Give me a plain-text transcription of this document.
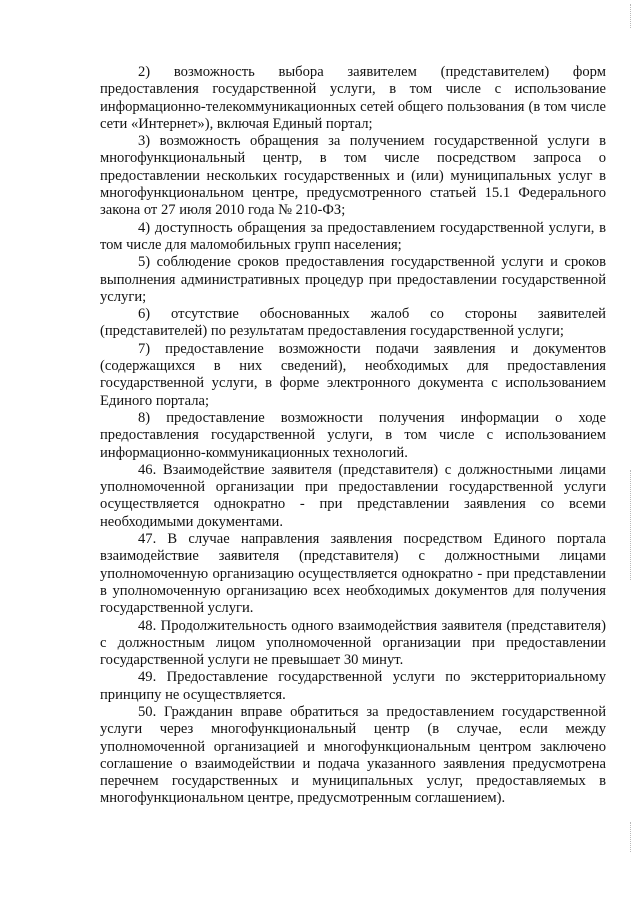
2) возможность выбора заявителем (представителем) форм предоставления государственной услуги, в том числе с использование информационно-телекоммуникационных сетей общего пользования (в том числе сети «Интернет»), включая Единый портал;

3) возможность обращения за получением государственной услуги в многофункциональный центр, в том числе посредством запроса о предоставлении нескольких государственных и (или) муниципальных услуг в многофункциональном центре, предусмотренного статьей 15.1 Федерального закона от 27 июля 2010 года № 210-ФЗ;

4) доступность обращения за предоставлением государственной услуги, в том числе для маломобильных групп населения;

5) соблюдение сроков предоставления государственной услуги и сроков выполнения административных процедур при предоставлении государственной услуги;

6) отсутствие обоснованных жалоб со стороны заявителей (представителей) по результатам предоставления государственной услуги;

7) предоставление возможности подачи заявления и документов (содержащихся в них сведений), необходимых для предоставления государственной услуги, в форме электронного документа с использованием Единого портала;

8) предоставление возможности получения информации о ходе предоставления государственной услуги, в том числе с использованием информационно-коммуникационных технологий.

46. Взаимодействие заявителя (представителя) с должностными лицами уполномоченной организации при предоставлении государственной услуги осуществляется однократно - при представлении заявления со всеми необходимыми документами.

47. В случае направления заявления посредством Единого портала взаимодействие заявителя (представителя) с должностными лицами уполномоченную организацию осуществляется однократно - при представлении в уполномоченную организацию всех необходимых документов для получения государственной услуги.

48. Продолжительность одного взаимодействия заявителя (представителя) с должностным лицом уполномоченной организации при предоставлении государственной услуги не превышает 30 минут.

49. Предоставление государственной услуги по экстерриториальному принципу не осуществляется.

50. Гражданин вправе обратиться за предоставлением государственной услуги через многофункциональный центр (в случае, если между уполномоченной организацией и многофункциональным центром заключено соглашение о взаимодействии и подача указанного заявления предусмотрена перечнем государственных и муниципальных услуг, предоставляемых в многофункциональном центре, предусмотренным соглашением).
